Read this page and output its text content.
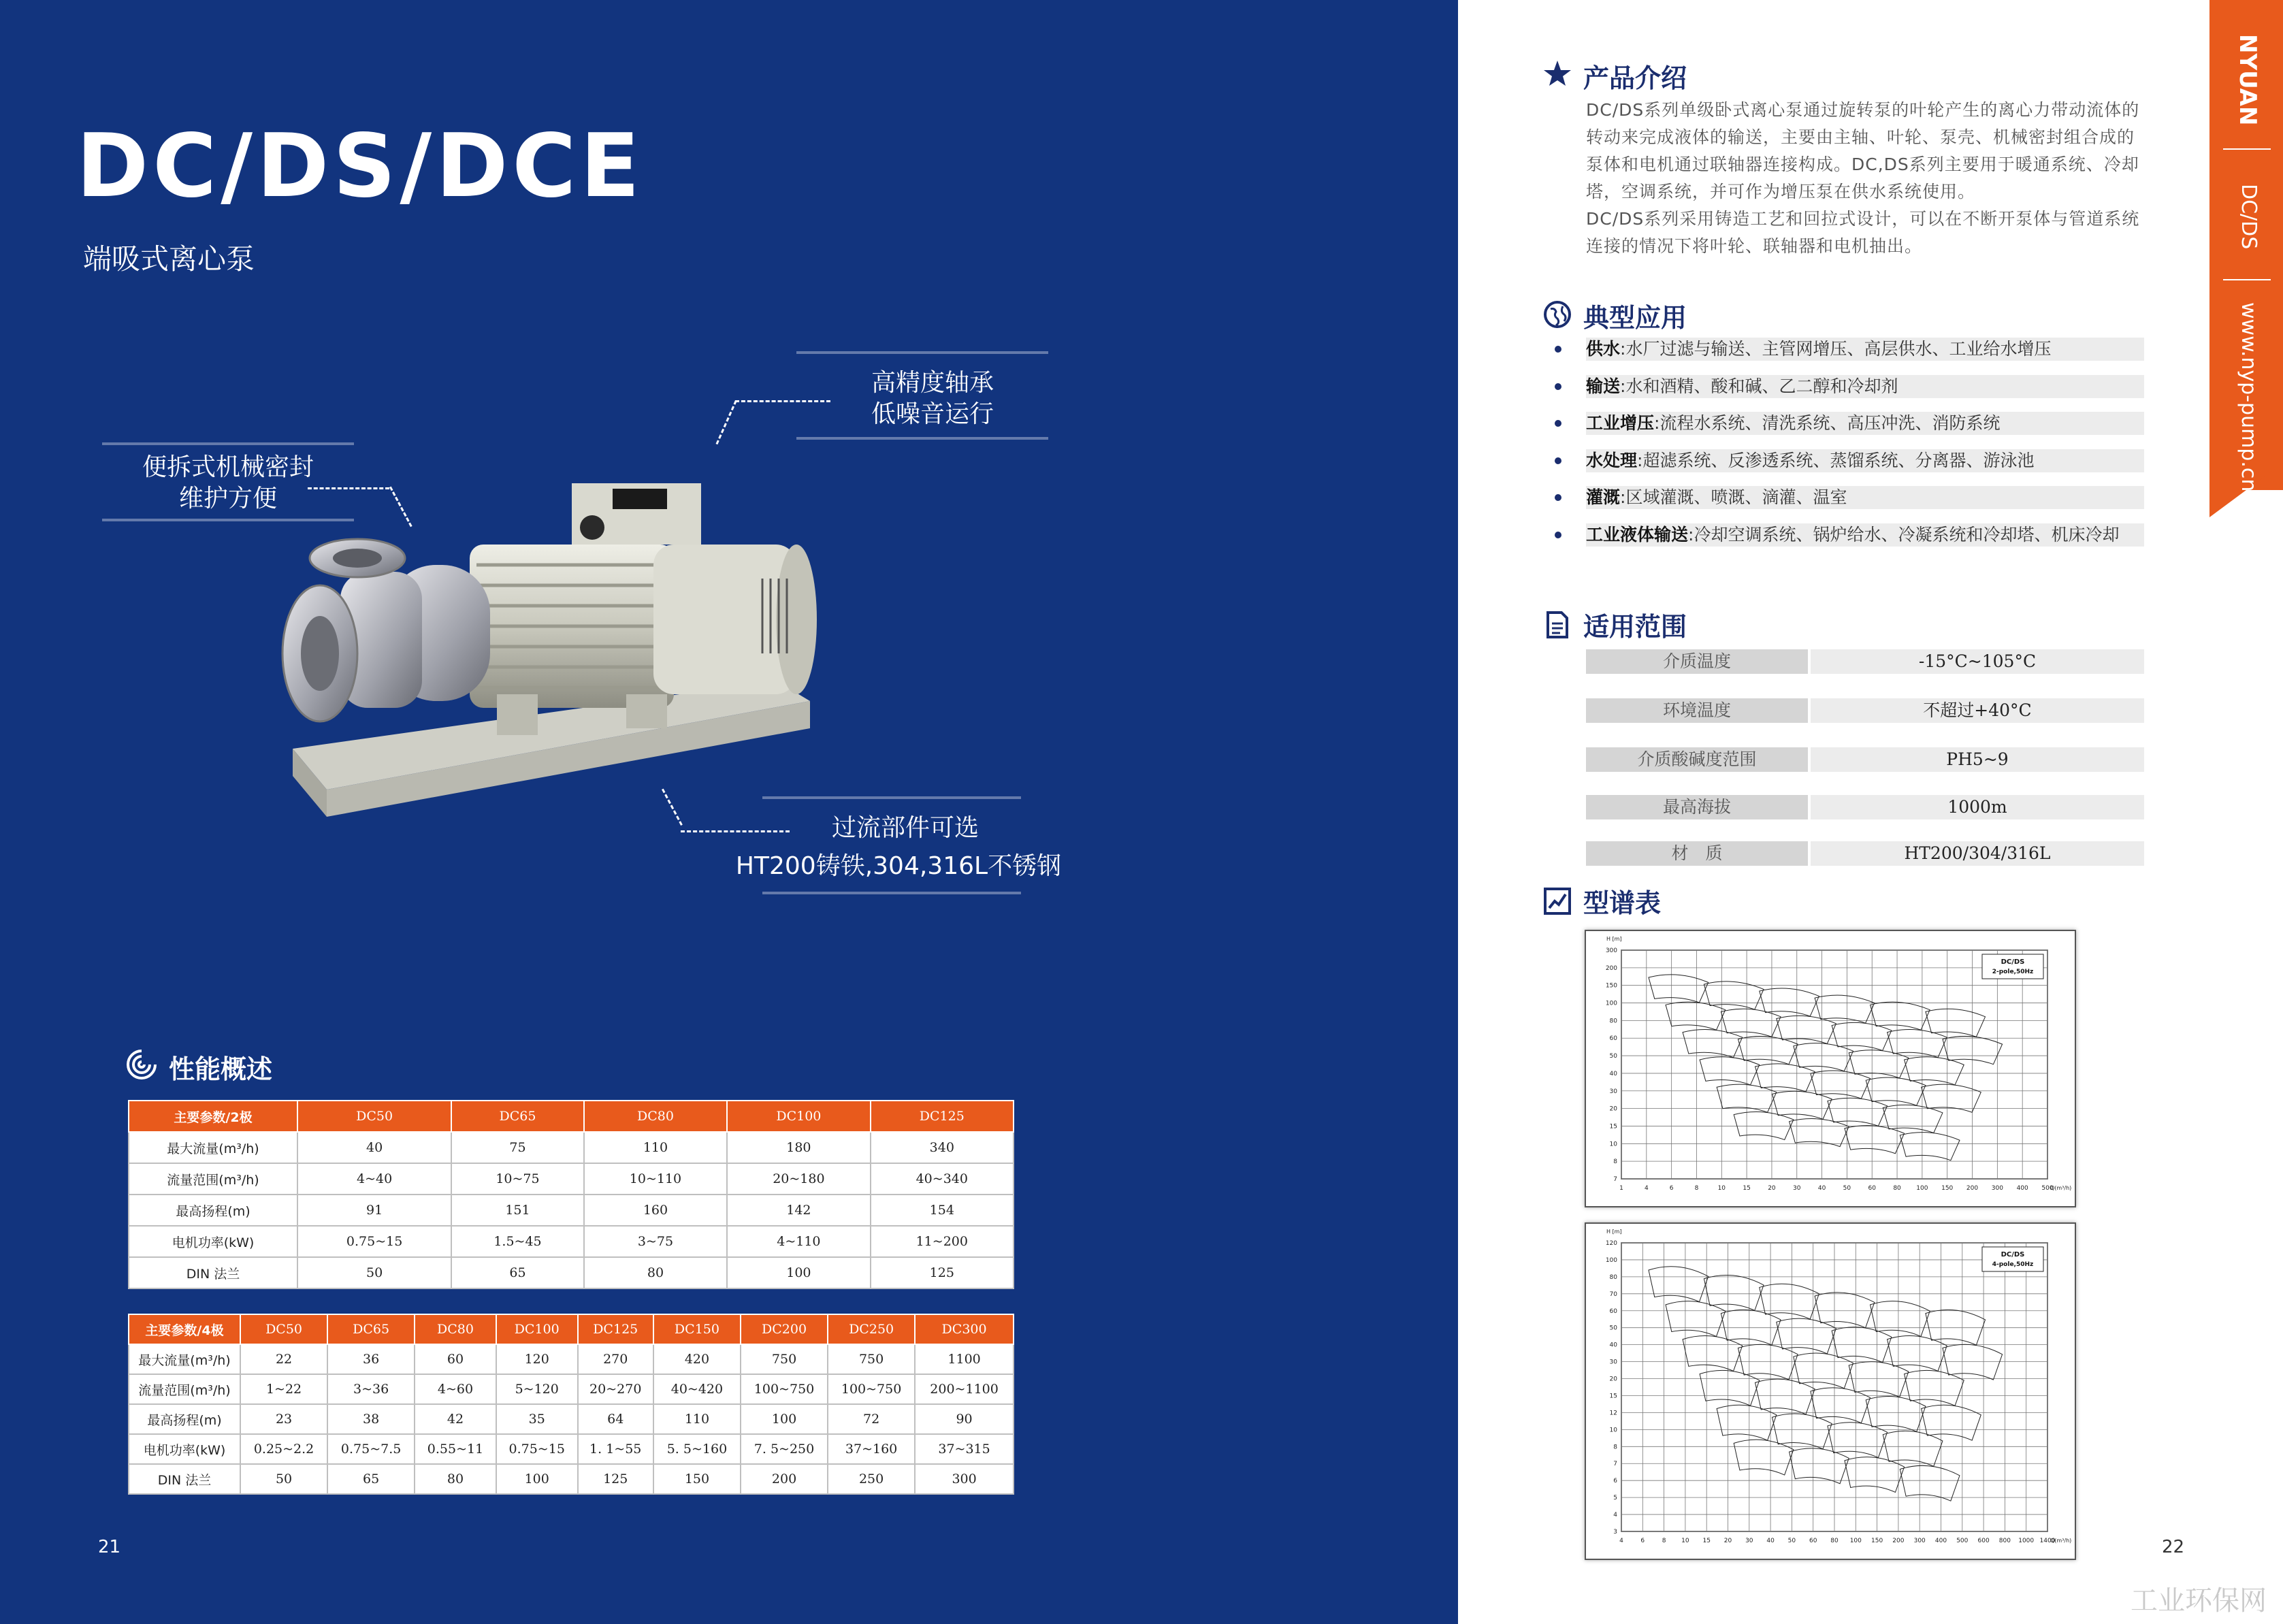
DC/DS/DCE
端吸式离心泵
高精度轴承
低噪音运行
便拆式机械密封
维护方便
过流部件可选
HT200铸铁,304,316L不锈钢
性能概述
主要参数/2极	DC50	DC65	DC80	DC100	DC125
最大流量(m³/h)	40	75	110	180	340
流量范围(m³/h)	4~40	10~75	10~110	20~180	40~340
最高扬程(m)	91	151	160	142	154
电机功率(kW)	0.75~15	1.5~45	3~75	4~110	11~200
DIN 法兰	50	65	80	100	125
主要参数/4极	DC50	DC65	DC80	DC100	DC125	DC150	DC200	DC250	DC300
最大流量(m³/h)	22	36	60	120	270	420	750	750	1100
流量范围(m³/h)	1~22	3~36	4~60	5~120	20~270	40~420	100~750	100~750	200~1100
最高扬程(m)	23	38	42	35	64	110	100	72	90
电机功率(kW)	0.25~2.2	0.75~7.5	0.55~11	0.75~15	1. 1~55	5. 5~160	7. 5~250	37~160	37~315
DIN 法兰	50	65	80	100	125	150	200	250	300
21
NYUAN
DC/DS
www.nyp-pump.cn
产品介绍
DC/DS系列单级卧式离心泵通过旋转泵的叶轮产生的离心力带动流体的转动来完成液体的输送，主要由主轴、叶轮、泵壳、机械密封组合成的泵体和电机通过联轴器连接构成。DC,DS系列主要用于暖通系统、冷却塔，空调系统，并可作为增压泵在供水系统使用。
DC/DS系列采用铸造工艺和回拉式设计，可以在不断开泵体与管道系统连接的情况下将叶轮、联轴器和电机抽出。
典型应用
供水:水厂过滤与输送、主管网增压、高层供水、工业给水增压
输送:水和酒精、酸和碱、乙二醇和冷却剂
工业增压:流程水系统、清洗系统、高压冲洗、消防系统
水处理:超滤系统、反渗透系统、蒸馏系统、分离器、游泳池
灌溉:区域灌溉、喷溉、滴灌、温室
工业液体输送:冷却空调系统、锅炉给水、冷凝系统和冷却塔、机床冷却
适用范围
介质温度	-15°C~105°C
环境温度	不超过+40°C
介质酸碱度范围	PH5~9
最高海拔	1000m
材　质	HT200/304/316L
型谱表
1	4	6	8	10	15	20	30	40	50	60	80	100 150 200 300 400 500
7
8
10
15
20
30
40
50
60
80
100
150
200
300
H [m]
Q(m³/h)
DC/DS
2-pole,50Hz
4	6	8	10 15 20 30 40 50 60 80 100 150 200 300 400 500 600 800 1000 1400
3
4
5
6
7
8
10
12
15
20
30
40
50
60
70
80
100
120
H [m]
Q(m³/h)
DC/DS
4-pole,50Hz
22
工业环保网
